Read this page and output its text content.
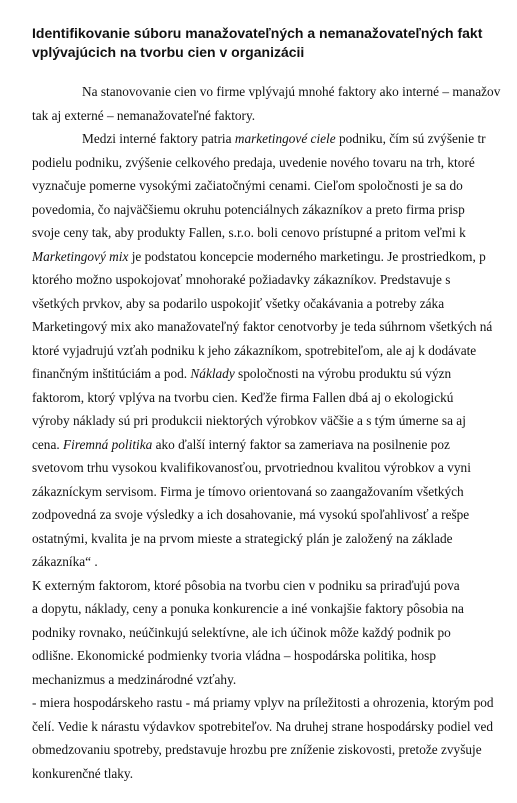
Identifikovanie súboru manažovateľných a nemanažovateľných fakt
vplývajúcich na tvorbu cien v organizácii
Na stanovovanie cien vo firme vplývajú mnohé faktory ako interné – manažov
tak aj externé – nemanažovateľné faktory.
Medzi interné faktory patria marketingové ciele podniku, čím sú zvýšenie tr
podielu podniku, zvýšenie celkového predaja, uvedenie nového tovaru na trh, ktoré
vyznačuje pomerne vysokými začiatočnými cenami. Cieľom spoločnosti je sa do
povedomia, čo najväčšiemu okruhu potenciálnych zákazníkov a preto firma prisp
svoje ceny tak, aby produkty Fallen, s.r.o. boli cenovo prístupné a pritom veľmi k
Marketingový mix je podstatou koncepcie moderného marketingu. Je prostriedkom, p
ktorého možno uspokojovať mnohoraké požiadavky zákazníkov. Predstavuje s
všetkých prvkov, aby sa podarilo uspokojiť všetky očakávania a potreby záka
Marketingový mix ako manažovateľný faktor cenotvorby je teda súhrnom všetkých ná
ktoré vyjadrujú vzťah podniku k jeho zákazníkom, spotrebiteľom, ale aj k dodávate
finančným inštitúciám a pod. Náklady spoločnosti na výrobu produktu sú význ
faktorom, ktorý vplýva na tvorbu cien. Keďže firma Fallen dbá aj o ekologickú
výroby náklady sú pri produkcii niektorých výrobkov väčšie a s tým úmerne sa aj
cena. Firemná politika ako ďalší interný faktor sa zameriava na posilnenie poz
svetovom trhu vysokou kvalifikovanosťou, prvotriednou kvalitou výrobkov a vyni
zákazníckym servisom. Firma je tímovo orientovaná so zaangažovaním všetkých
zodpovedná za svoje výsledky a ich dosahovanie, má vysokú spoľahlivosť a rešpe
ostatnými, kvalita je na prvom mieste a strategický plán je založený na základe
zákazníka“ .
K externým faktorom, ktoré pôsobia na tvorbu cien v podniku sa priraďujú pova
a dopytu, náklady, ceny a ponuka konkurencie a iné vonkajšie faktory pôsobia na
podniky rovnako, neúčinkujú selektívne, ale ich účinok môže každý podnik po
odlišne. Ekonomické podmienky tvoria vládna – hospodárska politika, hosp
mechanizmus a medzinárodné vzťahy.
- miera hospodárskeho rastu - má priamy vplyv na príležitosti a ohrozenia, ktorým pod
čelí. Vedie k nárastu výdavkov spotrebiteľov. Na druhej strane hospodársky podiel ved
obmedzovaniu spotreby, predstavuje hrozbu pre zníženie ziskovosti, pretože zvyšuje
konkurenčné tlaky.
